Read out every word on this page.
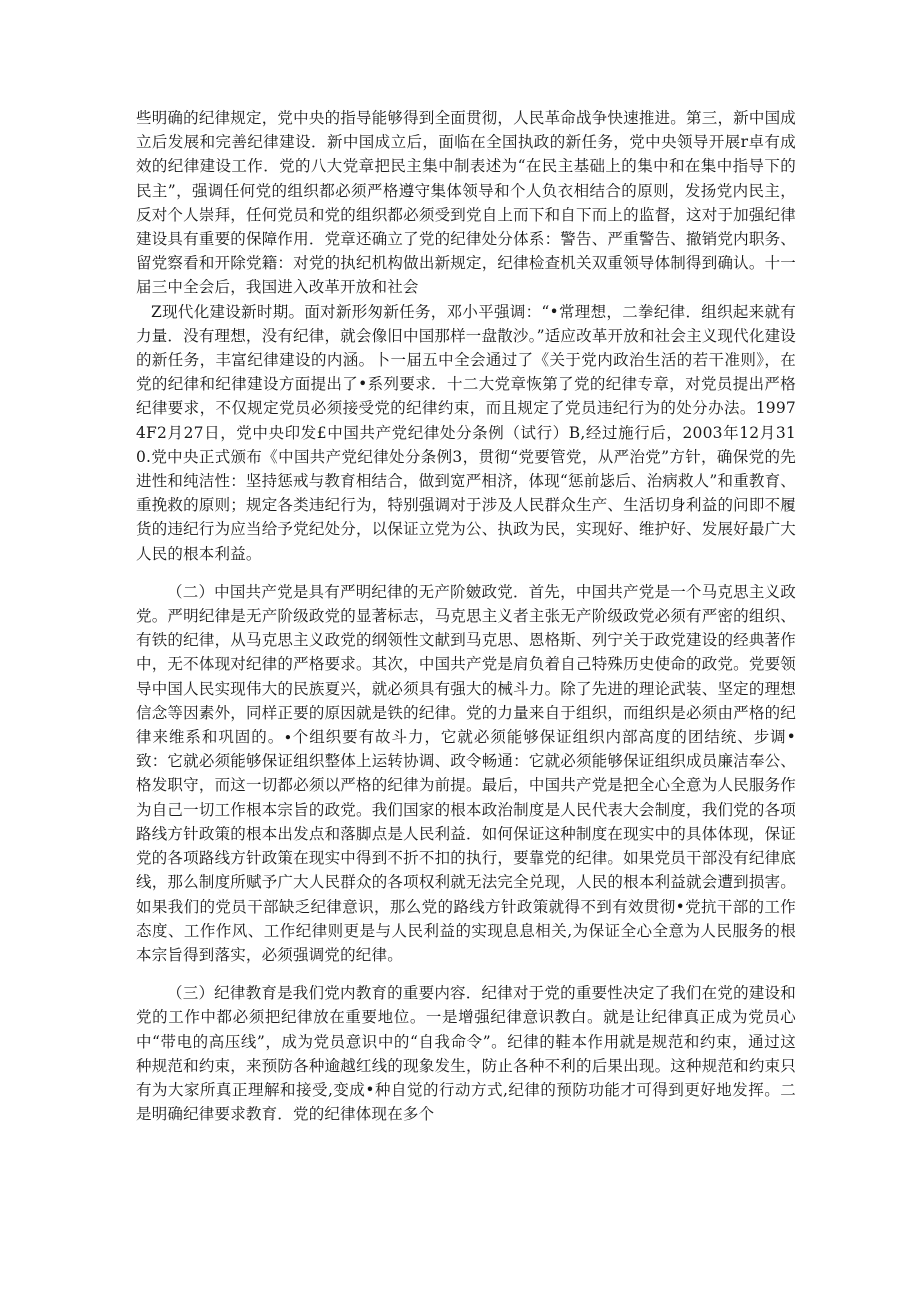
些明确的纪律规定，党中央的指导能够得到全面贯彻，人民革命战争快速推进。第三，新中国成立后发展和完善纪律建设．新中国成立后，面临在全国执政的新任务，党中央领导开展r卓有成效的纪律建设工作．党的八大党章把民主集中制表述为“在民主基础上的集中和在集中指导下的民主”，强调任何党的组织都必须严格遵守集体领导和个人负衣相结合的原则，发扬党内民主，反对个人崇拜，任何党员和党的组织都必须受到党自上而下和自下而上的监督，这对于加强纪律建设具有重要的保障作用．党章还确立了党的纪律处分体系：警告、严重警告、撤销党内职务、留党察看和开除党籍：对党的执纪机构做出新规定，纪律检查机关双重领导体制得到确认。十一届三中全会后，我国进入改革开放和社会

Z现代化建设新时期。面对新形匆新任务，邓小平强调：“•常理想，二拳纪律．组织起来就有力量．没有理想，没有纪律，就会像旧中国那样一盘散沙。”适应改革开放和社会主义现代化建设的新任务，丰富纪律建设的内涵。卜一届五中全会通过了《关于党内政治生活的若干准则》，在党的纪律和纪律建设方面提出了•系列要求．十二大党章恢第了党的纪律专章，对党员提出严格纪律要求，不仅规定党员必须接受党的纪律约束，而且规定了党员违纪行为的处分办法。19974F2月27日，党中央印发£中国共产党纪律处分条例（试行）B,经过施行后，2003年12月310.党中央正式颁布《中国共产党纪律处分条例3，贯彻“党要管党，从严治党”方针，确保党的先进性和纯洁性：坚持惩戒与教育相结合，做到宽严相济，体现“惩前毖后、治病救人”和重教育、重挽救的原则；规定各类违纪行为，特别强调对于涉及人民群众生产、生活切身利益的问即不履货的违纪行为应当给予党纪处分，以保证立党为公、执政为民，实现好、维护好、发展好最广大人民的根本利益。

（二）中国共产党是具有严明纪律的无产阶皴政党．首先，中国共产党是一个马克思主义政党。严明纪律是无产阶级政党的显著标志，马克思主义者主张无产阶级政党必须有严密的组织、有铁的纪律，从马克思主义政党的纲领性文献到马克思、恩格斯、列宁关于政党建设的经典著作中，无不体现对纪律的严格要求。其次，中国共产党是肩负着自己特殊历史使命的政党。党要领导中国人民实现伟大的民族夏兴，就必须具有强大的械斗力。除了先进的理论武装、坚定的理想信念等因素外，同样正要的原因就是铁的纪律。党的力量来自于组织，而组织是必须由严格的纪律来维系和巩固的。∙个组织要有故斗力，它就必须能够保证组织内部高度的团结统、步调•致：它就必须能够保证组织整体上运转协调、政令畅通：它就必须能够保证组织成员廉洁奉公、格发职守，而这一切都必须以严格的纪律为前提。最后，中国共产党是把全心全意为人民服务作为自己一切工作根本宗旨的政党。我们国家的根本政治制度是人民代表大会制度，我们党的各项路线方针政策的根本出发点和落脚点是人民利益．如何保证这种制度在现实中的具体体现，保证党的各项路线方针政策在现实中得到不折不扣的执行，要靠党的纪律。如果党员干部没有纪律底线，那么制度所赋予广大人民群众的各项权利就无法完全兑现，人民的根本利益就会遭到损害。如果我们的党员干部缺乏纪律意识，那么党的路线方针政策就得不到有效贯彻•党抗干部的工作态度、工作作风、工作纪律则更是与人民利益的实现息息相关,为保证全心全意为人民服务的根本宗旨得到落实，必须强调党的纪律。

（三）纪律教育是我们党内教育的重要内容．纪律对于党的重要性决定了我们在党的建设和党的工作中都必须把纪律放在重要地位。一是增强纪律意识教白。就是让纪律真正成为党员心中“带电的高压线”，成为党员意识中的“自我命令”。纪律的鞋本作用就是规范和约束，通过这种规范和约束，来预防各种逾越红线的现象发生，防止各种不利的后果出现。这种规范和约束只有为大家所真正理解和接受,变成•种自觉的行动方式,纪律的预防功能才可得到更好地发挥。二是明确纪律要求教育．党的纪律体现在多个
